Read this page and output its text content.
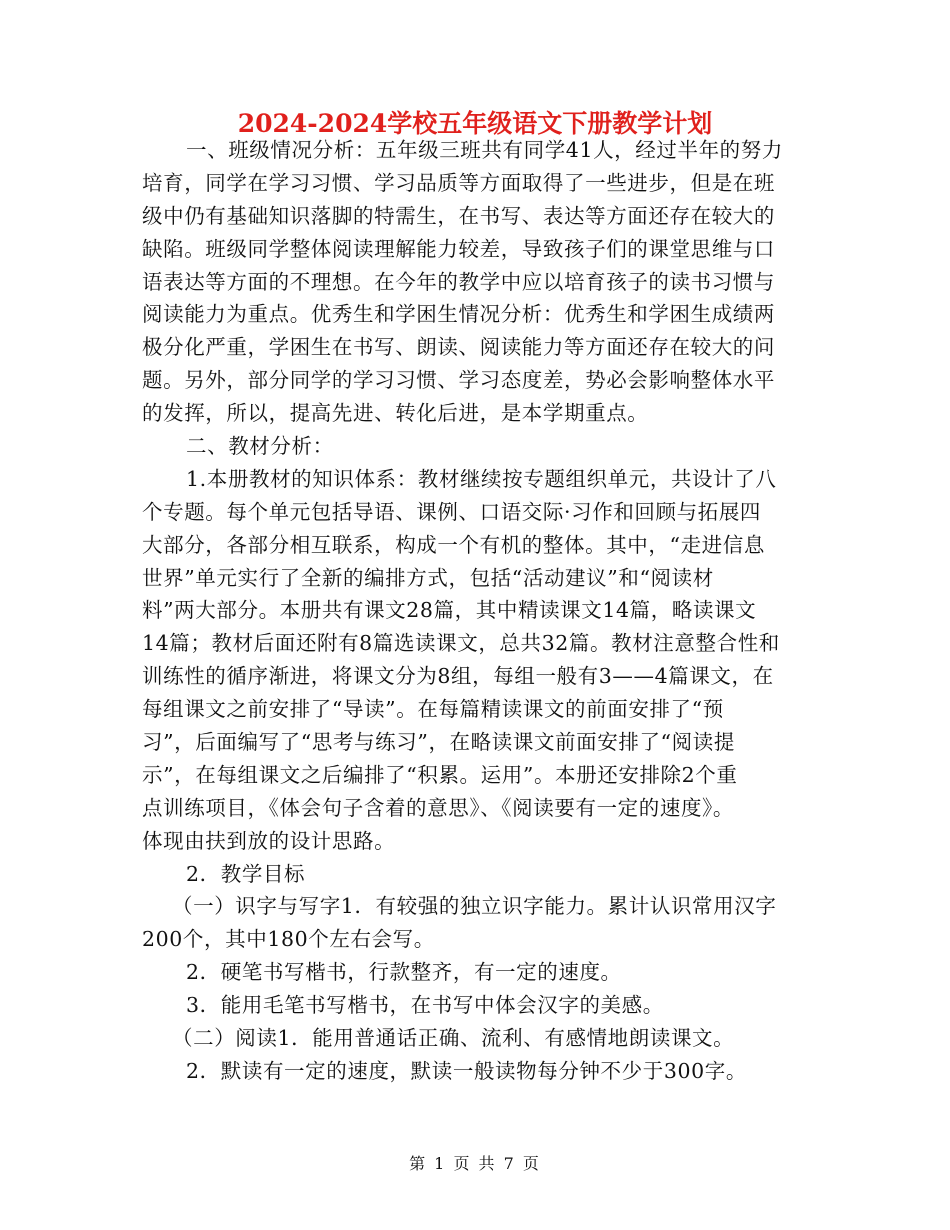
2024-2024学校五年级语文下册教学计划
一、班级情况分析：五年级三班共有同学41人，经过半年的努力
培育，同学在学习习惯、学习品质等方面取得了一些进步，但是在班
级中仍有基础知识落脚的特需生，在书写、表达等方面还存在较大的
缺陷。班级同学整体阅读理解能力较差，导致孩子们的课堂思维与口
语表达等方面的不理想。在今年的教学中应以培育孩子的读书习惯与
阅读能力为重点。优秀生和学困生情况分析：优秀生和学困生成绩两
极分化严重，学困生在书写、朗读、阅读能力等方面还存在较大的问
题。另外，部分同学的学习习惯、学习态度差，势必会影响整体水平
的发挥，所以，提高先进、转化后进，是本学期重点。
二、教材分析：
1.本册教材的知识体系：教材继续按专题组织单元，共设计了八
个专题。每个单元包括导语、课例、口语交际·习作和回顾与拓展四
大部分，各部分相互联系，构成一个有机的整体。其中，“走进信息
世界”单元实行了全新的编排方式，包括“活动建议”和“阅读材
料”两大部分。本册共有课文28篇，其中精读课文14篇，略读课文
14篇；教材后面还附有8篇选读课文，总共32篇。教材注意整合性和
训练性的循序渐进，将课文分为8组，每组一般有3——4篇课文，在
每组课文之前安排了“导读”。在每篇精读课文的前面安排了“预
习”，后面编写了“思考与练习”，在略读课文前面安排了“阅读提
示”，在每组课文之后编排了“积累。运用”。本册还安排除2个重
点训练项目，《体会句子含着的意思》、《阅读要有一定的速度》。
体现由扶到放的设计思路。
2．教学目标
（一）识字与写字1．有较强的独立识字能力。累计认识常用汉字
200个，其中180个左右会写。
2．硬笔书写楷书，行款整齐，有一定的速度。
3．能用毛笔书写楷书，在书写中体会汉字的美感。
（二）阅读1．能用普通话正确、流利、有感情地朗读课文。
2．默读有一定的速度，默读一般读物每分钟不少于300字。
第 1 页 共 7 页
